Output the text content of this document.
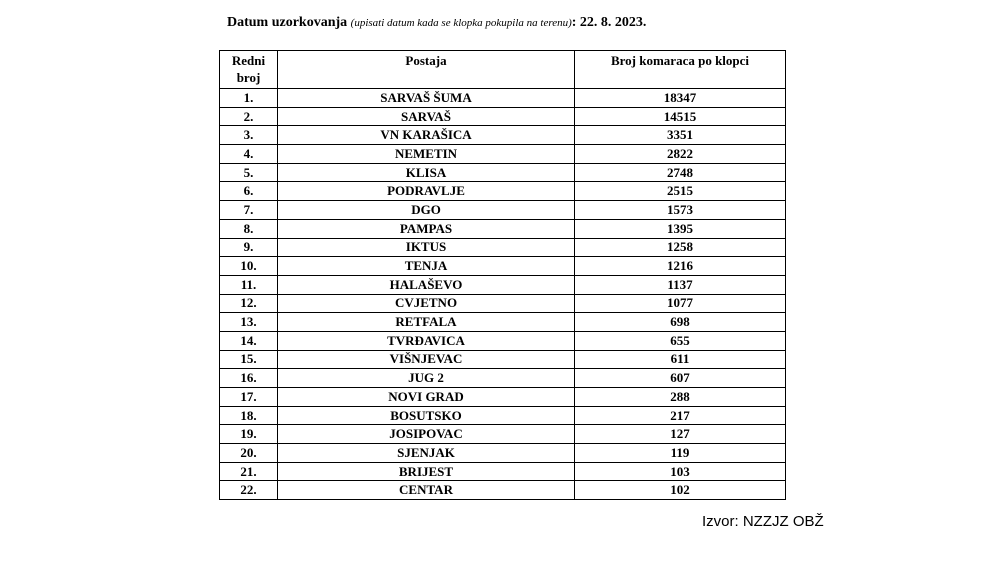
Datum uzorkovanja (upisati datum kada se klopka pokupila na terenu): 22. 8. 2023.
Redni
broj	Postaja	Broj komaraca po klopci
1.	SARVAŠ ŠUMA	18347
2.	SARVAŠ	14515
3.	VN KARAŠICA	3351
4.	NEMETIN	2822
5.	KLISA	2748
6.	PODRAVLJE	2515
7.	DGO	1573
8.	PAMPAS	1395
9.	IKTUS	1258
10.	TENJA	1216
11.	HALAŠEVO	1137
12.	CVJETNO	1077
13.	RETFALA	698
14.	TVRĐAVICA	655
15.	VIŠNJEVAC	611
16.	JUG 2	607
17.	NOVI GRAD	288
18.	BOSUTSKO	217
19.	JOSIPOVAC	127
20.	SJENJAK	119
21.	BRIJEST	103
22.	CENTAR	102
Izvor: NZZJZ OBŽ
